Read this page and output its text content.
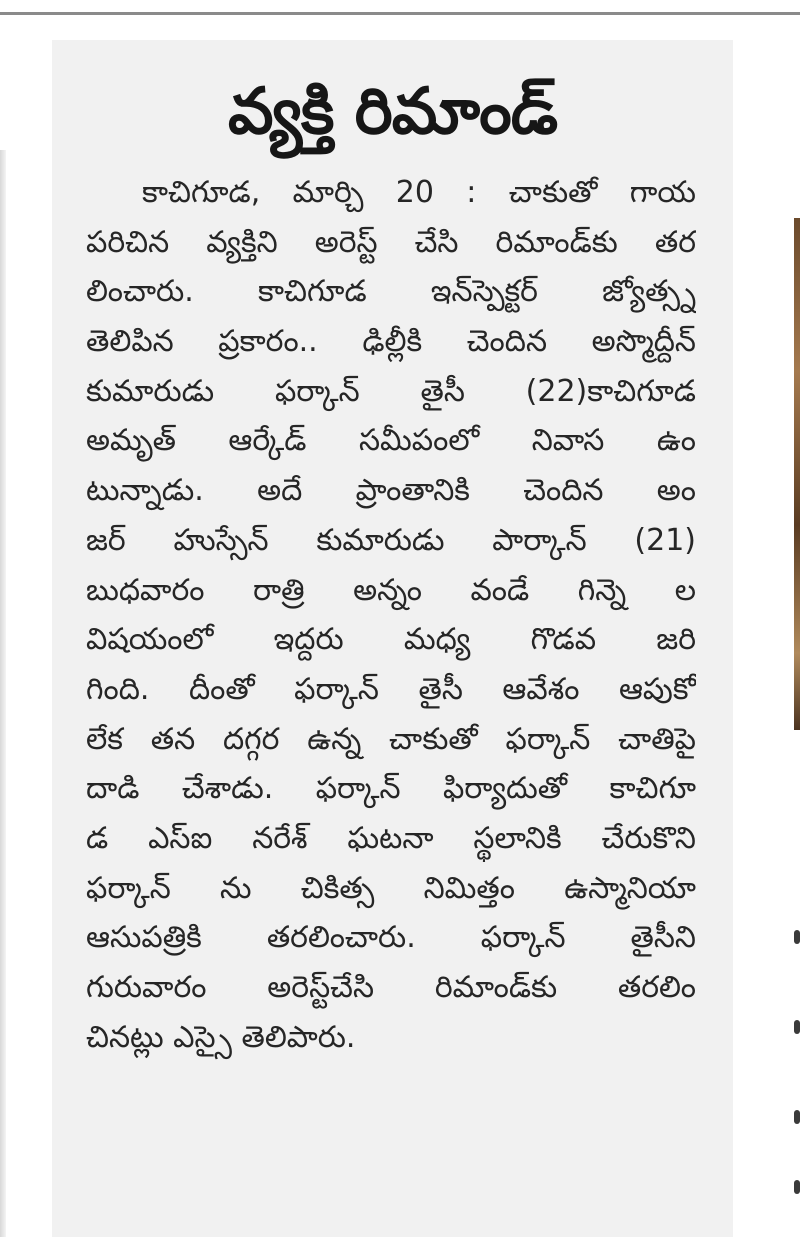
వ్యక్తి రిమాండ్
కాచిగూడ, మార్చి 20 : చాకుతో గాయ
పరిచిన వ్యక్తిని అరెస్ట్ చేసి రిమాండ్‌కు తర
లించారు. కాచిగూడ ఇన్‌స్పెక్టర్ జ్యోత్స్న
తెలిపిన ప్రకారం.. ఢిల్లీకి చెందిన అస్మొద్దీన్
కుమారుడు ఫర్కాన్ తైసీ (22)కాచిగూడ
అమృత్ ఆర్కేడ్ సమీపంలో నివాస ఉం
టున్నాడు. అదే ప్రాంతానికి చెందిన అం
జర్ హుస్సేన్ కుమారుడు పార్కాన్ (21)
బుధవారం రాత్రి అన్నం వండే గిన్నె ల
విషయంలో ఇద్దరు మధ్య గొడవ జరి
గింది. దీంతో ఫర్కాన్ తైసీ ఆవేశం ఆపుకో
లేక తన దగ్గర ఉన్న చాకుతో ఫర్కాన్ చాతిపై
దాడి చేశాడు. ఫర్కాన్ ఫిర్యాదుతో కాచిగూ
డ ఎస్ఐ నరేశ్ ఘటనా స్థలానికి చేరుకొని
ఫర్కాన్ ను చికిత్స నిమిత్తం ఉస్మానియా
ఆసుపత్రికి తరలించారు. ఫర్కాన్ తైసీని
గురువారం అరెస్ట్‌చేసి రిమాండ్‌కు తరలిం
చినట్లు ఎస్సై తెలిపారు.
